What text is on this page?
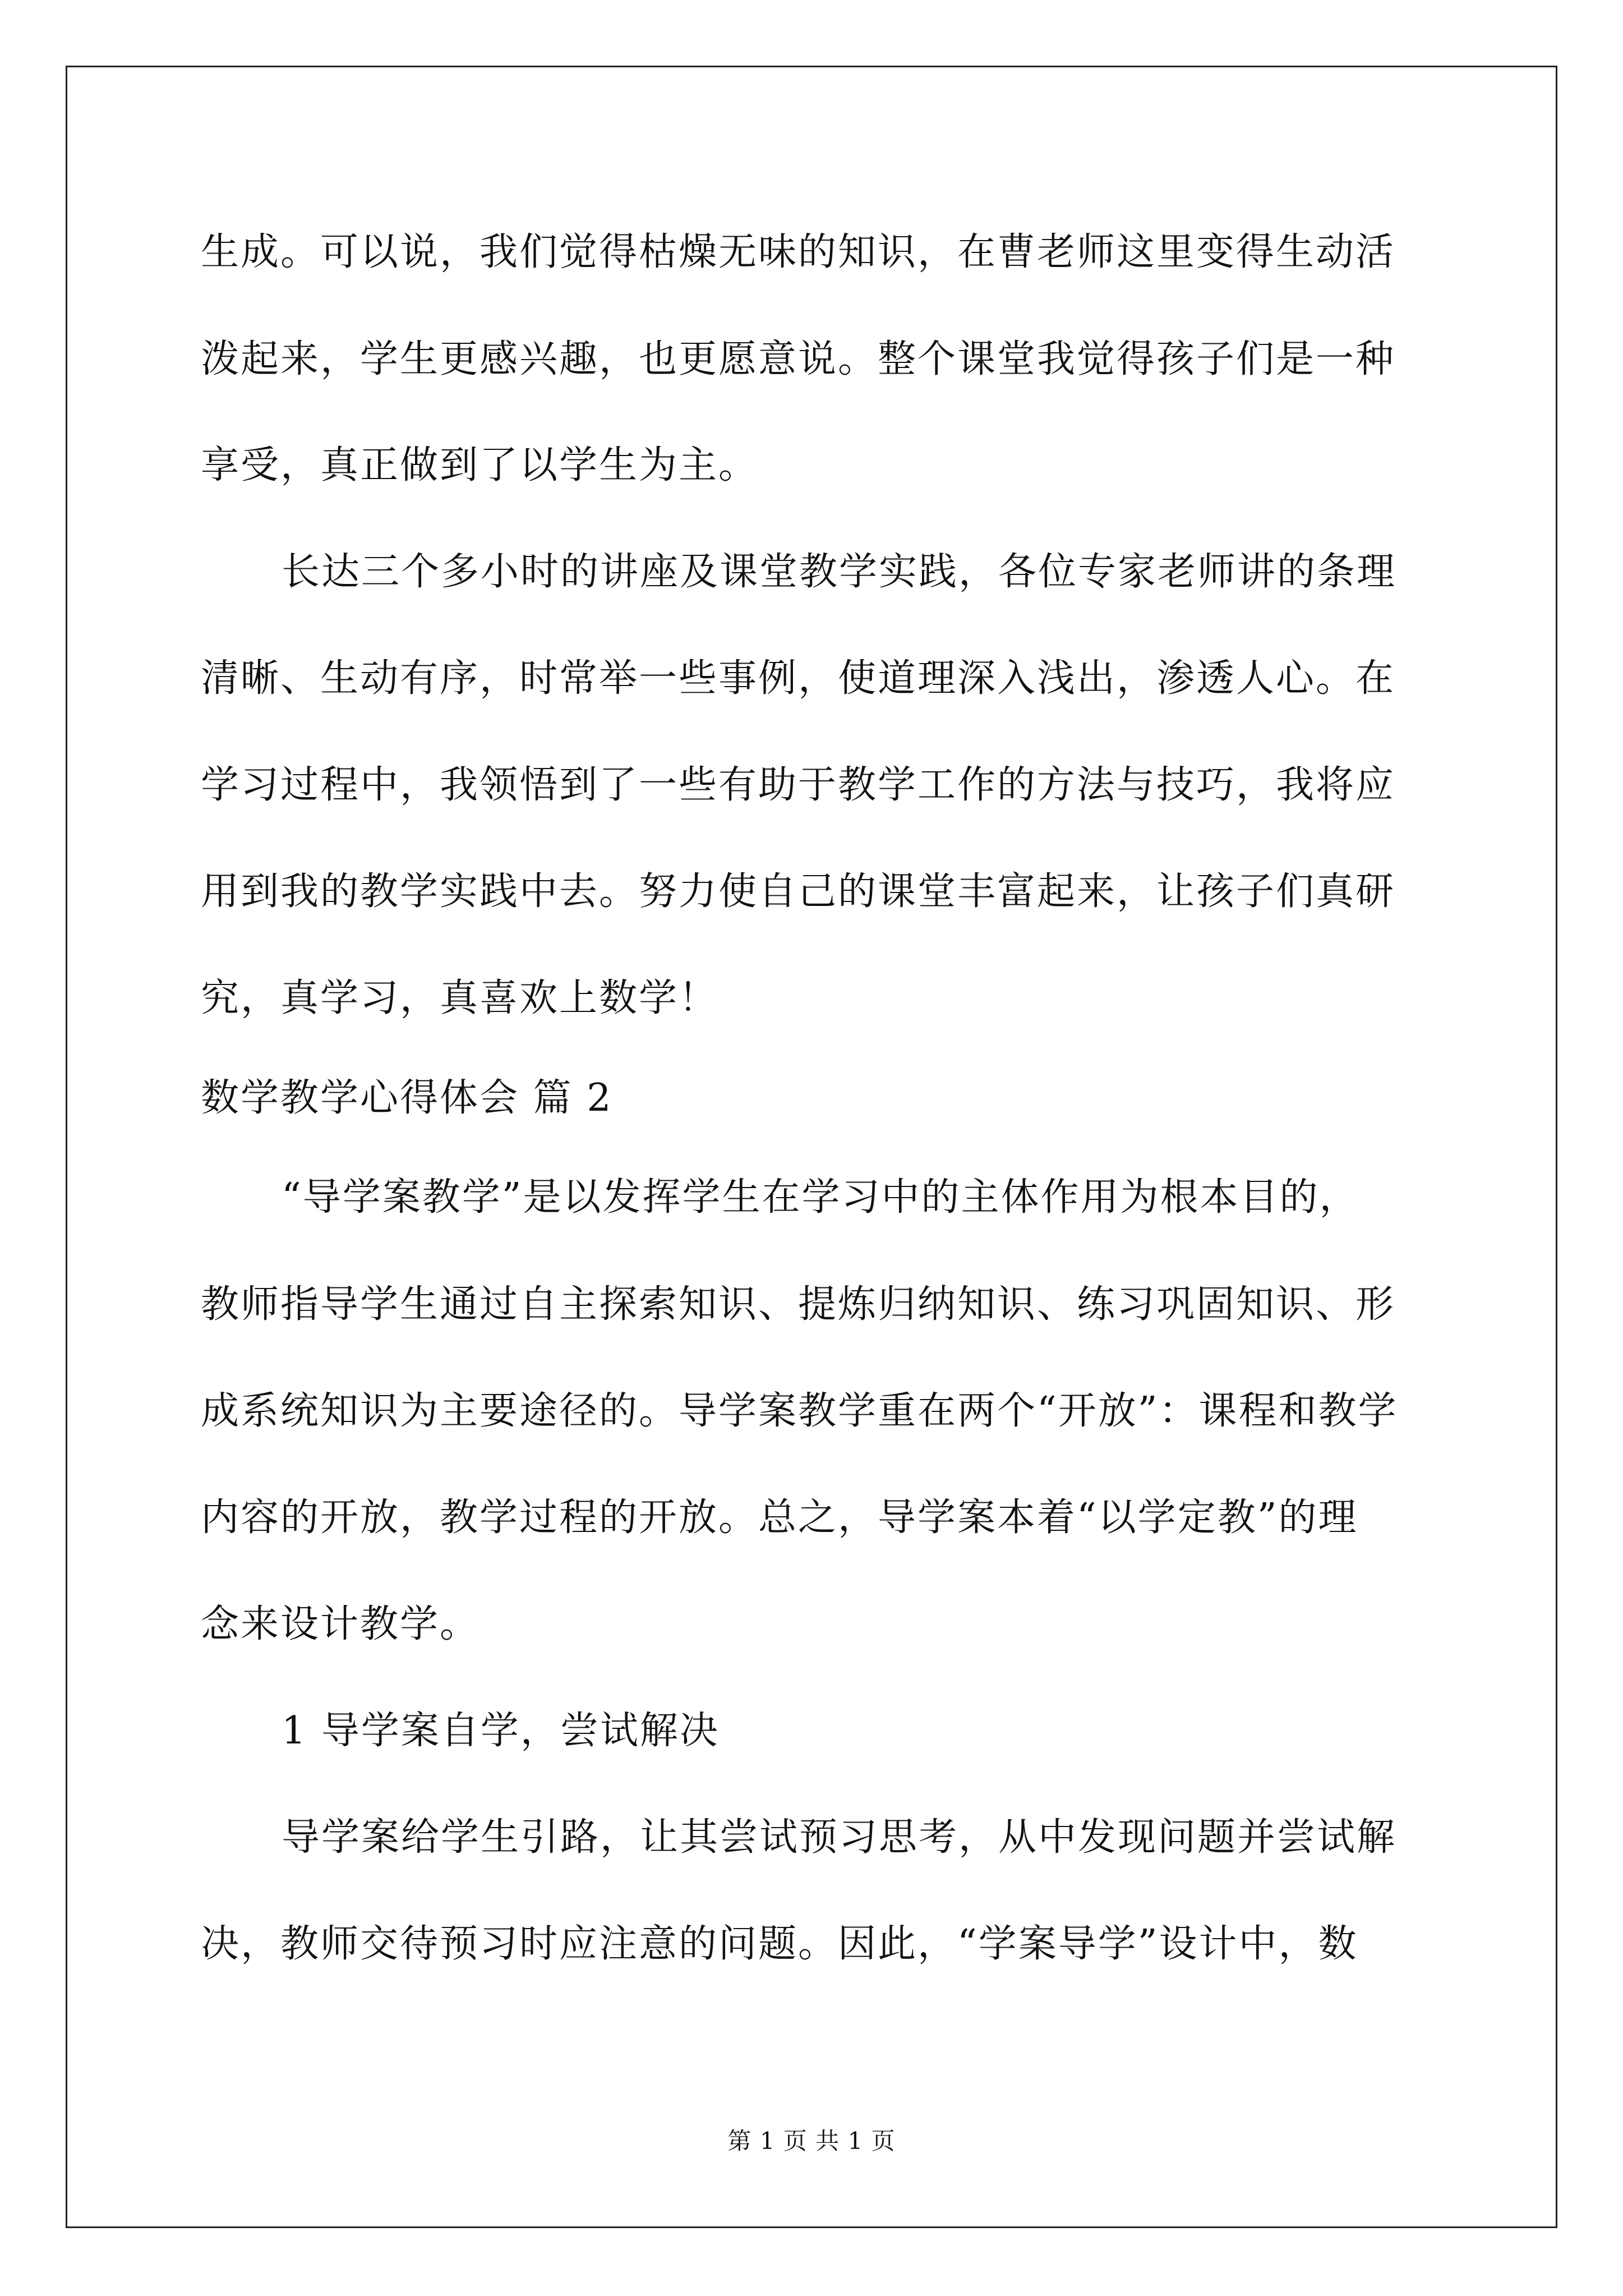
生成。可以说，我们觉得枯燥无味的知识，在曹老师这里变得生动活
泼起来，学生更感兴趣，也更愿意说。整个课堂我觉得孩子们是一种
享受，真正做到了以学生为主。
长达三个多小时的讲座及课堂教学实践，各位专家老师讲的条理
清晰、生动有序，时常举一些事例，使道理深入浅出，渗透人心。在
学习过程中，我领悟到了一些有助于教学工作的方法与技巧，我将应
用到我的教学实践中去。努力使自己的课堂丰富起来，让孩子们真研
究，真学习，真喜欢上数学！
数学教学心得体会 篇 2
“导学案教学”是以发挥学生在学习中的主体作用为根本目的，
教师指导学生通过自主探索知识、提炼归纳知识、练习巩固知识、形
成系统知识为主要途径的。导学案教学重在两个“开放”：课程和教学
内容的开放，教学过程的开放。总之，导学案本着“以学定教”的理
念来设计教学。
1 导学案自学，尝试解决
导学案给学生引路，让其尝试预习思考，从中发现问题并尝试解
决，教师交待预习时应注意的问题。因此，“学案导学”设计中，数
第 1 页 共 1 页
